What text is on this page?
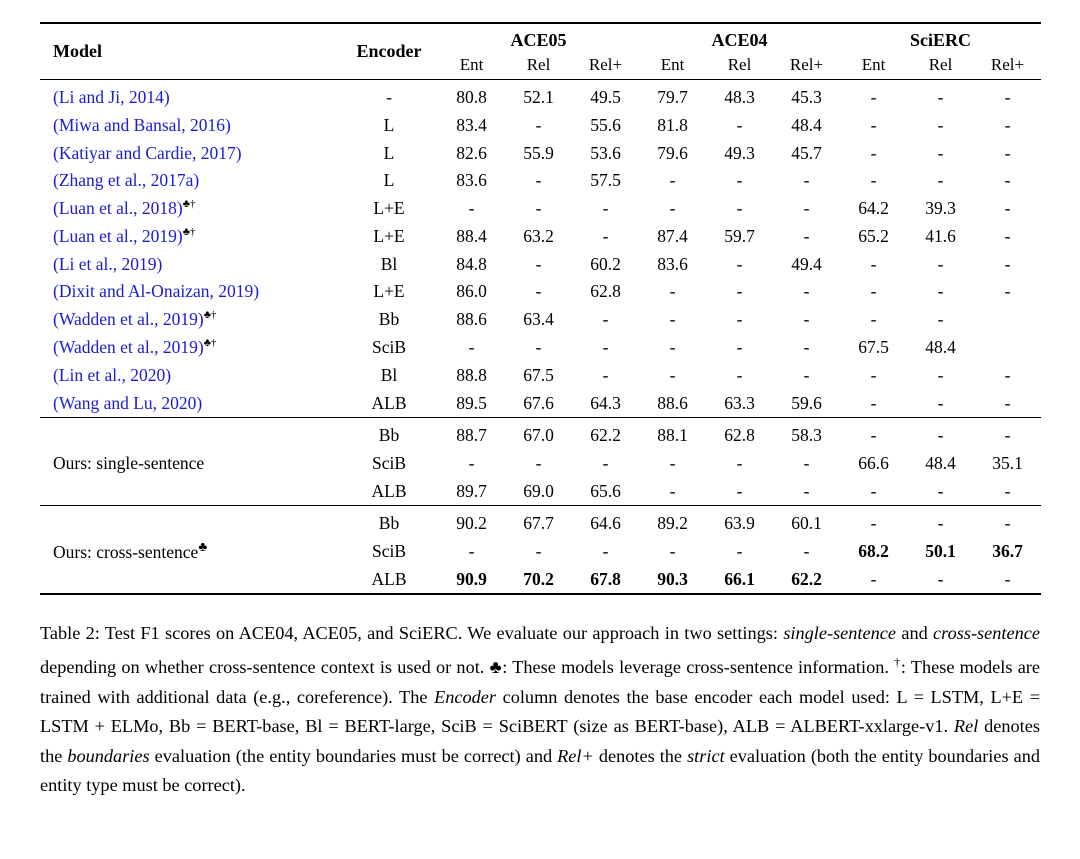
Model	Encoder	ACE05			ACE04			SciERC		
		Ent	Rel	Rel+	Ent	Rel	Rel+	Ent	Rel	Rel+
(Li and Ji, 2014)	-	80.8	52.1	49.5	79.7	48.3	45.3	-	-	-
(Miwa and Bansal, 2016)	L	83.4	-	55.6	81.8	-	48.4	-	-	-
(Katiyar and Cardie, 2017)	L	82.6	55.9	53.6	79.6	49.3	45.7	-	-	-
(Zhang et al., 2017a)	L	83.6	-	57.5	-	-	-	-	-	-
(Luan et al., 2018)♣†	L+E	-	-	-	-	-	-	64.2	39.3	-
(Luan et al., 2019)♣†	L+E	88.4	63.2	-	87.4	59.7	-	65.2	41.6	-
(Li et al., 2019)	Bl	84.8	-	60.2	83.6	-	49.4	-	-	-
(Dixit and Al-Onaizan, 2019)	L+E	86.0	-	62.8	-	-	-	-	-	-
(Wadden et al., 2019)♣†	Bb	88.6	63.4	-	-	-	-	-	-	
(Wadden et al., 2019)♣†	SciB	-	-	-	-	-	-	67.5	48.4	
(Lin et al., 2020)	Bl	88.8	67.5	-	-	-	-	-	-	-
(Wang and Lu, 2020)	ALB	89.5	67.6	64.3	88.6	63.3	59.6	-	-	-
Ours: single-sentence	Bb	88.7	67.0	62.2	88.1	62.8	58.3	-	-	-
	SciB	-	-	-	-	-	-	66.6	48.4	35.1
	ALB	89.7	69.0	65.6	-	-	-	-	-	-
Ours: cross-sentence♣	Bb	90.2	67.7	64.6	89.2	63.9	60.1	-	-	-
	SciB	-	-	-	-	-	-	68.2	50.1	36.7
	ALB	90.9	70.2	67.8	90.3	66.1	62.2	-	-	-

Table 2: Test F1 scores on ACE04, ACE05, and SciERC. We evaluate our approach in two settings: single-sentence and cross-sentence depending on whether cross-sentence context is used or not. ♣: These models leverage cross-sentence information. †: These models are trained with additional data (e.g., coreference). The Encoder column denotes the base encoder each model used: L = LSTM, L+E = LSTM + ELMo, Bb = BERT-base, Bl = BERT-large, SciB = SciBERT (size as BERT-base), ALB = ALBERT-xxlarge-v1. Rel denotes the boundaries evaluation (the entity boundaries must be correct) and Rel+ denotes the strict evaluation (both the entity boundaries and entity type must be correct).
